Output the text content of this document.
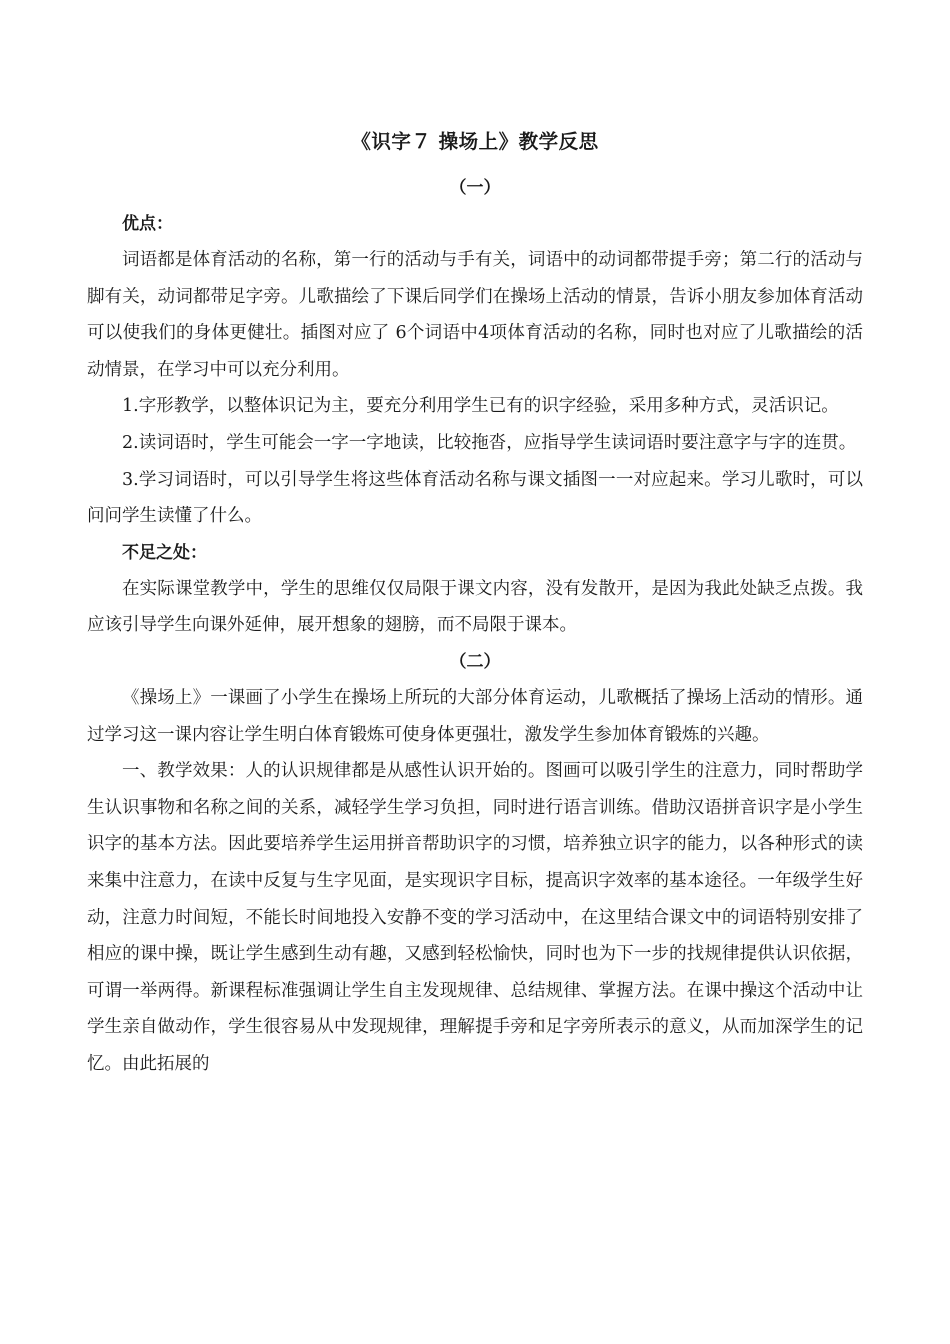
《识字７ 操场上》教学反思
（一）
优点：

词语都是体育活动的名称，第一行的活动与手有关，词语中的动词都带提手旁；第二行的活动与脚有关，动词都带足字旁。儿歌描绘了下课后同学们在操场上活动的情景，告诉小朋友参加体育活动可以使我们的身体更健壮。插图对应了 6个词语中4项体育活动的名称，同时也对应了儿歌描绘的活动情景，在学习中可以充分利用。

1.字形教学，以整体识记为主，要充分利用学生已有的识字经验，采用多种方式，灵活识记。

2.读词语时，学生可能会一字一字地读，比较拖沓，应指导学生读词语时要注意字与字的连贯。

3.学习词语时，可以引导学生将这些体育活动名称与课文插图一一对应起来。学习儿歌时，可以问问学生读懂了什么。

不足之处：

在实际课堂教学中，学生的思维仅仅局限于课文内容，没有发散开，是因为我此处缺乏点拨。我应该引导学生向课外延伸，展开想象的翅膀，而不局限于课本。

（二）

《操场上》一课画了小学生在操场上所玩的大部分体育运动，儿歌概括了操场上活动的情形。通过学习这一课内容让学生明白体育锻炼可使身体更强壮，激发学生参加体育锻炼的兴趣。

一、教学效果：人的认识规律都是从感性认识开始的。图画可以吸引学生的注意力，同时帮助学生认识事物和名称之间的关系，减轻学生学习负担，同时进行语言训练。借助汉语拼音识字是小学生识字的基本方法。因此要培养学生运用拼音帮助识字的习惯，培养独立识字的能力，以各种形式的读来集中注意力，在读中反复与生字见面，是实现识字目标，提高识字效率的基本途径。一年级学生好动，注意力时间短，不能长时间地投入安静不变的学习活动中，在这里结合课文中的词语特别安排了相应的课中操，既让学生感到生动有趣，又感到轻松愉快，同时也为下一步的找规律提供认识依据，可谓一举两得。新课程标准强调让学生自主发现规律、总结规律、掌握方法。在课中操这个活动中让学生亲自做动作，学生很容易从中发现规律，理解提手旁和足字旁所表示的意义，从而加深学生的记忆。由此拓展的
